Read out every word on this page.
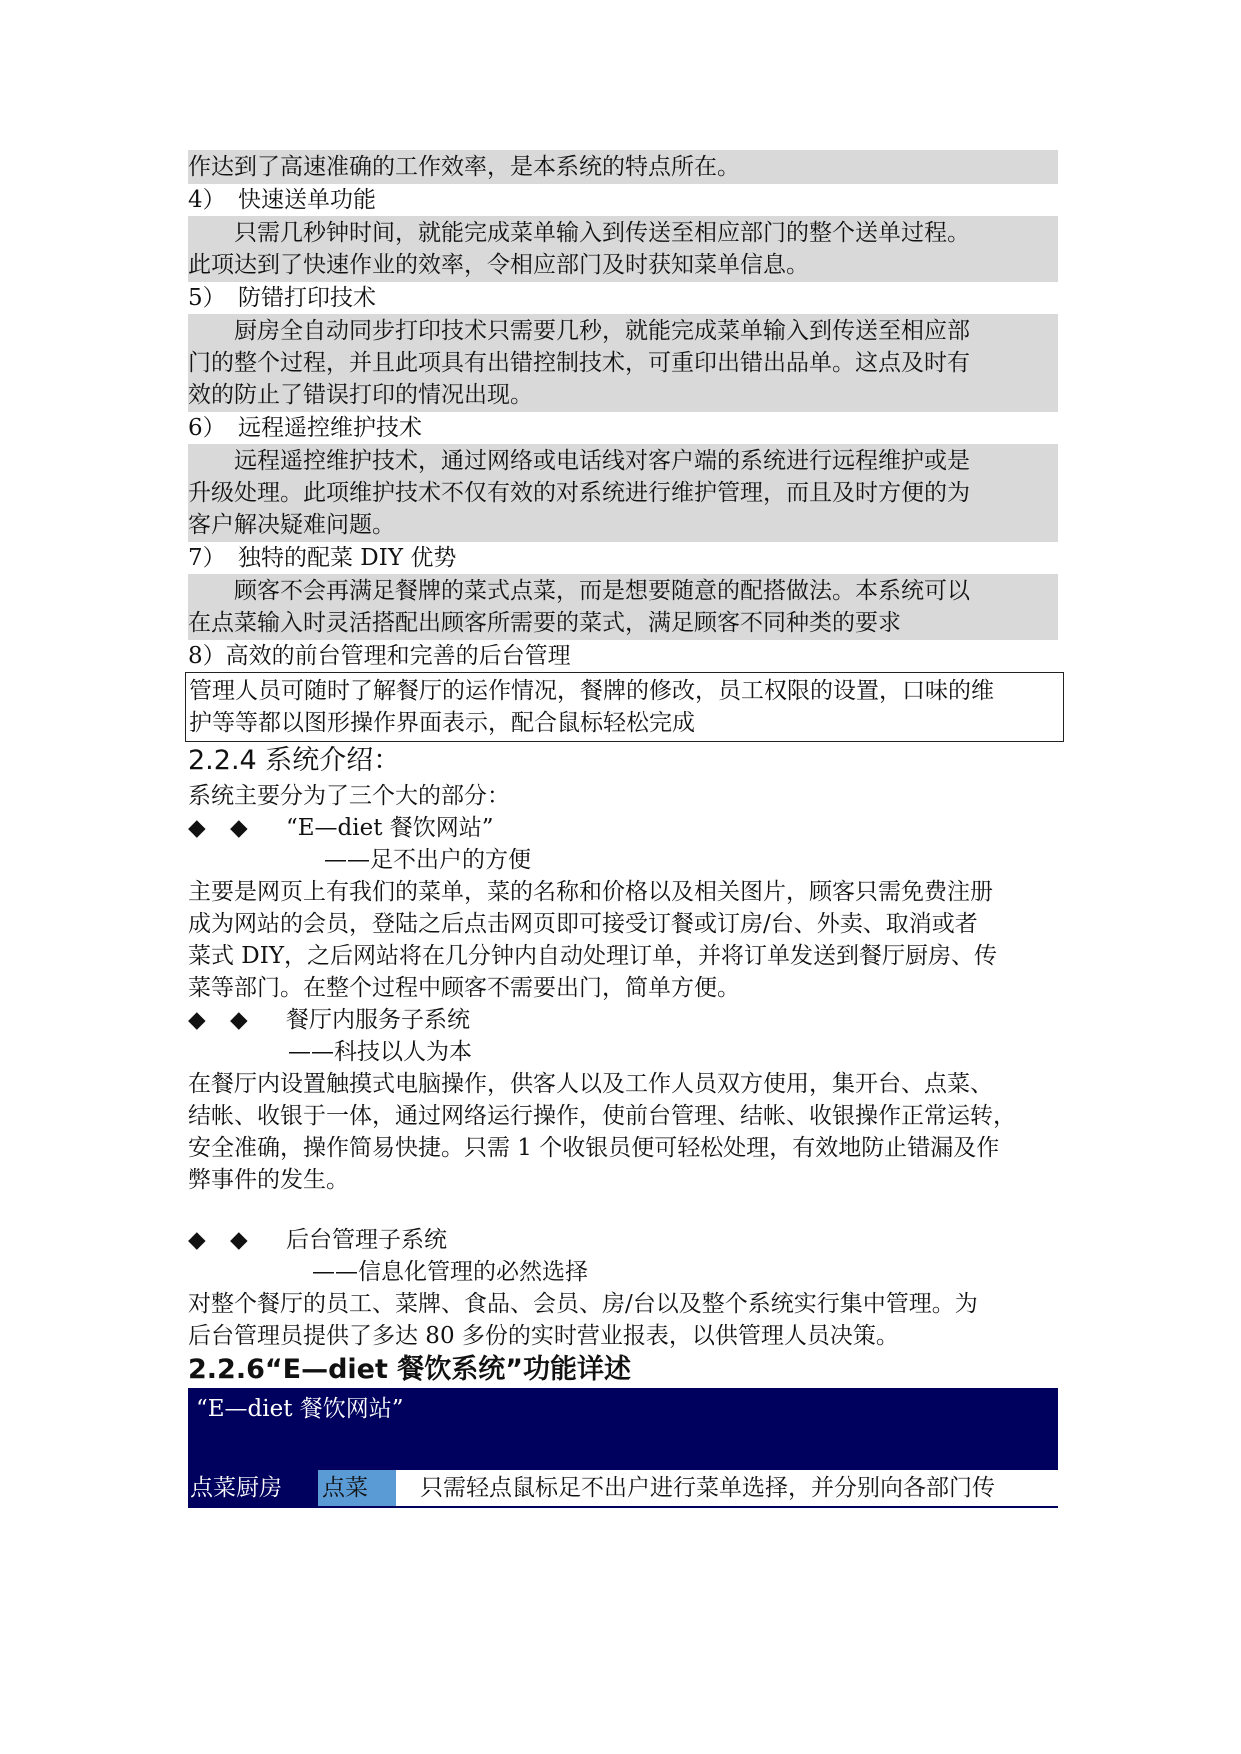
作达到了高速准确的工作效率，是本系统的特点所在。
4） 快速送单功能
只需几秒钟时间，就能完成菜单输入到传送至相应部门的整个送单过程。
此项达到了快速作业的效率，令相应部门及时获知菜单信息。
5） 防错打印技术
厨房全自动同步打印技术只需要几秒，就能完成菜单输入到传送至相应部
门的整个过程，并且此项具有出错控制技术，可重印出错出品单。这点及时有
效的防止了错误打印的情况出现。
6） 远程遥控维护技术
远程遥控维护技术，通过网络或电话线对客户端的系统进行远程维护或是
升级处理。此项维护技术不仅有效的对系统进行维护管理，而且及时方便的为
客户解决疑难问题。
7） 独特的配菜 DIY 优势
顾客不会再满足餐牌的菜式点菜，而是想要随意的配搭做法。本系统可以
在点菜输入时灵活搭配出顾客所需要的菜式，满足顾客不同种类的要求
8）高效的前台管理和完善的后台管理
管理人员可随时了解餐厅的运作情况，餐牌的修改，员工权限的设置，口味的维
护等等都以图形操作界面表示，配合鼠标轻松完成
2.2.4 系统介绍：
系统主要分为了三个大的部分：
◆ ◆ “E—diet 餐饮网站”
——足不出户的方便
主要是网页上有我们的菜单，菜的名称和价格以及相关图片，顾客只需免费注册
成为网站的会员，登陆之后点击网页即可接受订餐或订房/台、外卖、取消或者
菜式 DIY，之后网站将在几分钟内自动处理订单，并将订单发送到餐厅厨房、传
菜等部门。在整个过程中顾客不需要出门，简单方便。
◆ ◆ 餐厅内服务子系统
——科技以人为本
在餐厅内设置触摸式电脑操作，供客人以及工作人员双方使用，集开台、点菜、
结帐、收银于一体，通过网络运行操作，使前台管理、结帐、收银操作正常运转，
安全准确，操作简易快捷。只需 1 个收银员便可轻松处理，有效地防止错漏及作
弊事件的发生。
◆ ◆ 后台管理子系统
——信息化管理的必然选择
对整个餐厅的员工、菜牌、食品、会员、房/台以及整个系统实行集中管理。为
后台管理员提供了多达 80 多份的实时营业报表，以供管理人员决策。
2.2.6“E—diet 餐饮系统”功能详述
“E—diet 餐饮网站”
点菜厨房	点菜	只需轻点鼠标足不出户进行菜单选择，并分别向各部门传
